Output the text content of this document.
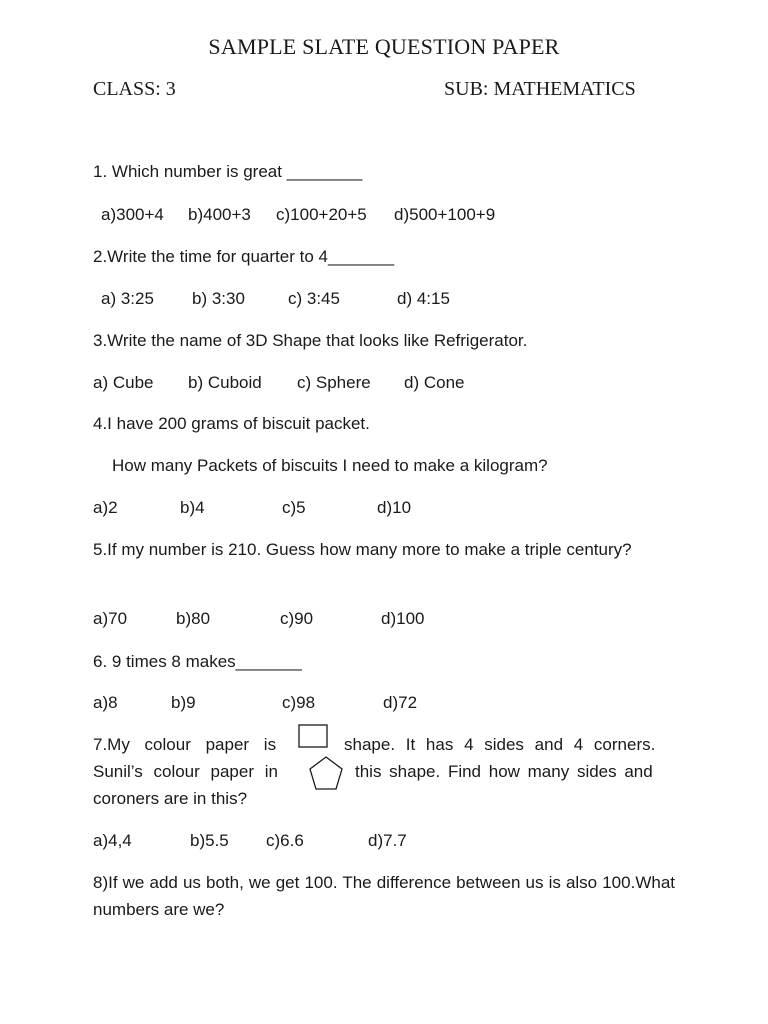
SAMPLE SLATE QUESTION PAPER
CLASS: 3	SUB: MATHEMATICS
1. Which number is great ________
a)300+4 b)400+3 c)100+20+5 d)500+100+9
2.Write the time for quarter to 4_______
a) 3:25 b) 3:30	c) 3:45	d) 4:15
3.Write the name of 3D Shape that looks like Refrigerator.
a) Cube b) Cuboid c) Sphere d) Cone
4.I have 200 grams of biscuit packet.
How many Packets of biscuits I need to make a kilogram?
a)2	b)4	c)5	d)10
5.If my number is 210. Guess how many more to make a triple century?
a)70	b)80	c)90	d)100
6. 9 times 8 makes_______
a)8	b)9	c)98	d)72
7.My colour paper is	shape. It has 4 sides and 4 corners.
Sunil’s colour paper in	this shape. Find how many sides and
coroners are in this?
a)4,4	b)5.5 c)6.6	d)7.7
8)If we add us both, we get 100. The difference between us is also 100.What numbers are we?
